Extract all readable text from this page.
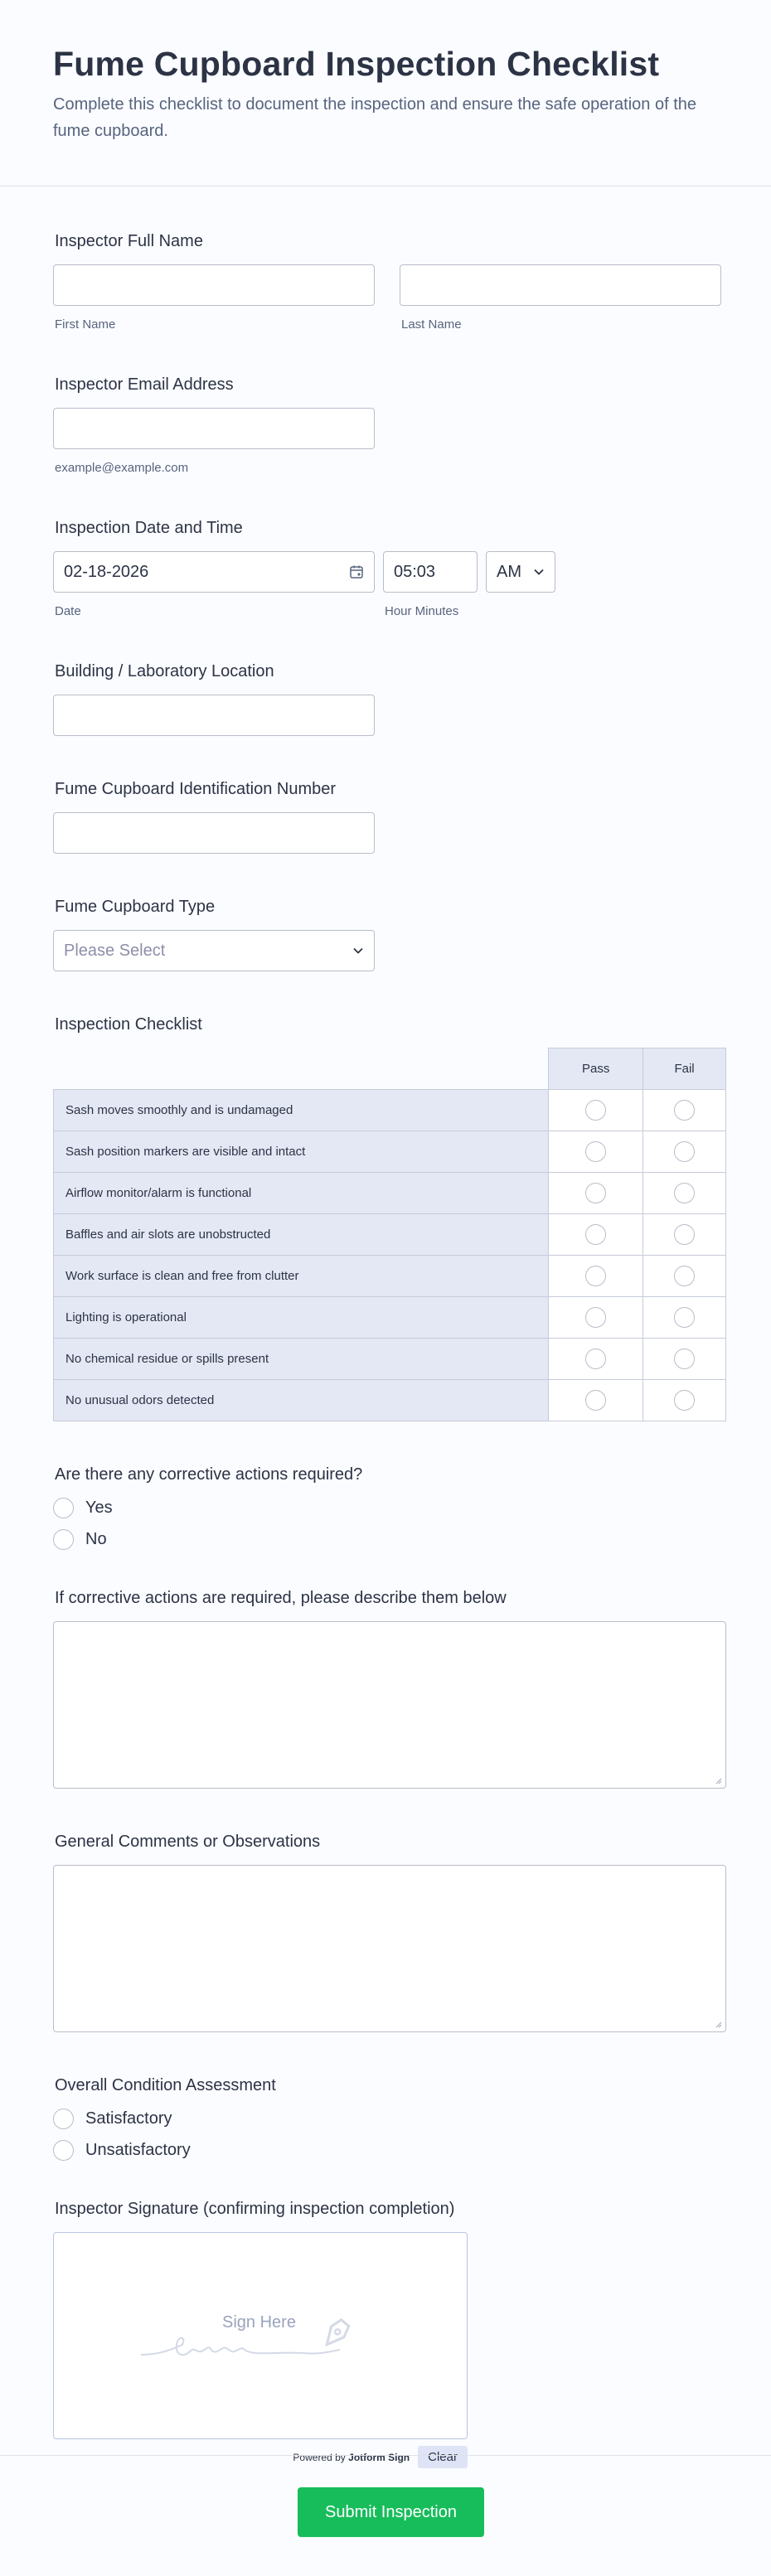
Fume Cupboard Inspection Checklist

Complete this checklist to document the inspection and ensure the safe operation of the fume cupboard.

Inspector Full Name
First Name	Last Name
Inspector Email Address
example@example.com
Inspection Date and Time
02-18-2026
Date
05:03	AM
Hour Minutes
Building / Laboratory Location
Fume Cupboard Identification Number
Fume Cupboard Type
Please Select
Inspection Checklist
	Pass	Fail
Sash moves smoothly and is undamaged		
Sash position markers are visible and intact		
Airflow monitor/alarm is functional		
Baffles and air slots are unobstructed		
Work surface is clean and free from clutter		
Lighting is operational		
No chemical residue or spills present		
No unusual odors detected		
Are there any corrective actions required?
Yes
No
If corrective actions are required, please describe them below
General Comments or Observations
Overall Condition Assessment
Satisfactory
Unsatisfactory
Inspector Signature (confirming inspection completion)
Sign Here
Powered by Jotform Sign	Clear
Submit Inspection
